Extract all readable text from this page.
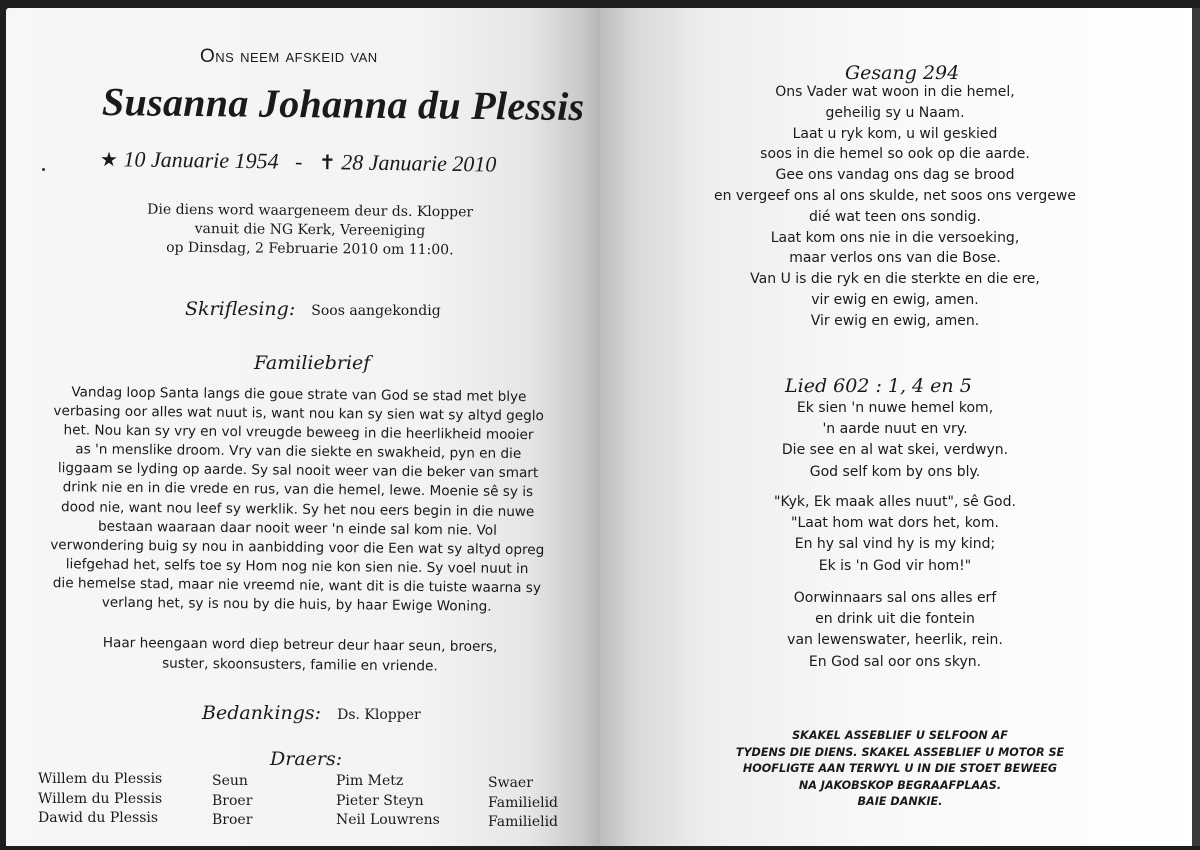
Ons neem afskeid van
Susanna Johanna du Plessis
★ 10 Januarie 1954 - ✝ 28 Januarie 2010
Die diens word waargeneem deur ds. Klopper
vanuit die NG Kerk, Vereeniging
op Dinsdag, 2 Februarie 2010 om 11:00.
Skriflesing: Soos aangekondig
Familiebrief
Vandag loop Santa langs die goue strate van God se stad met blye
verbasing oor alles wat nuut is, want nou kan sy sien wat sy altyd geglo
het. Nou kan sy vry en vol vreugde beweeg in die heerlikheid mooier
as 'n menslike droom. Vry van die siekte en swakheid, pyn en die
liggaam se lyding op aarde. Sy sal nooit weer van die beker van smart
drink nie en in die vrede en rus, van die hemel, lewe. Moenie sê sy is
dood nie, want nou leef sy werklik. Sy het nou eers begin in die nuwe
bestaan waaraan daar nooit weer 'n einde sal kom nie. Vol
verwondering buig sy nou in aanbidding voor die Een wat sy altyd opreg
liefgehad het, selfs toe sy Hom nog nie kon sien nie. Sy voel nuut in
die hemelse stad, maar nie vreemd nie, want dit is die tuiste waarna sy
verlang het, sy is nou by die huis, by haar Ewige Woning.
Haar heengaan word diep betreur deur haar seun, broers,
suster, skoonsusters, familie en vriende.
Bedankings: Ds. Klopper
Draers:
Willem du Plessis
Willem du Plessis
Dawid du Plessis
Seun
Broer
Broer
Pim Metz
Pieter Steyn
Neil Louwrens
Swaer
Familielid
Familielid
Gesang 294
Ons Vader wat woon in die hemel,
geheilig sy u Naam.
Laat u ryk kom, u wil geskied
soos in die hemel so ook op die aarde.
Gee ons vandag ons dag se brood
en vergeef ons al ons skulde, net soos ons vergewe
dié wat teen ons sondig.
Laat kom ons nie in die versoeking,
maar verlos ons van die Bose.
Van U is die ryk en die sterkte en die ere,
vir ewig en ewig, amen.
Vir ewig en ewig, amen.
Lied 602 : 1, 4 en 5
Ek sien 'n nuwe hemel kom,
'n aarde nuut en vry.
Die see en al wat skei, verdwyn.
God self kom by ons bly.
"Kyk, Ek maak alles nuut", sê God.
"Laat hom wat dors het, kom.
En hy sal vind hy is my kind;
Ek is 'n God vir hom!"
Oorwinnaars sal ons alles erf
en drink uit die fontein
van lewenswater, heerlik, rein.
En God sal oor ons skyn.
SKAKEL ASSEBLIEF U SELFOON AF
TYDENS DIE DIENS. SKAKEL ASSEBLIEF U MOTOR SE
HOOFLIGTE AAN TERWYL U IN DIE STOET BEWEEG
NA JAKOBSKOP BEGRAAFPLAAS.
BAIE DANKIE.
